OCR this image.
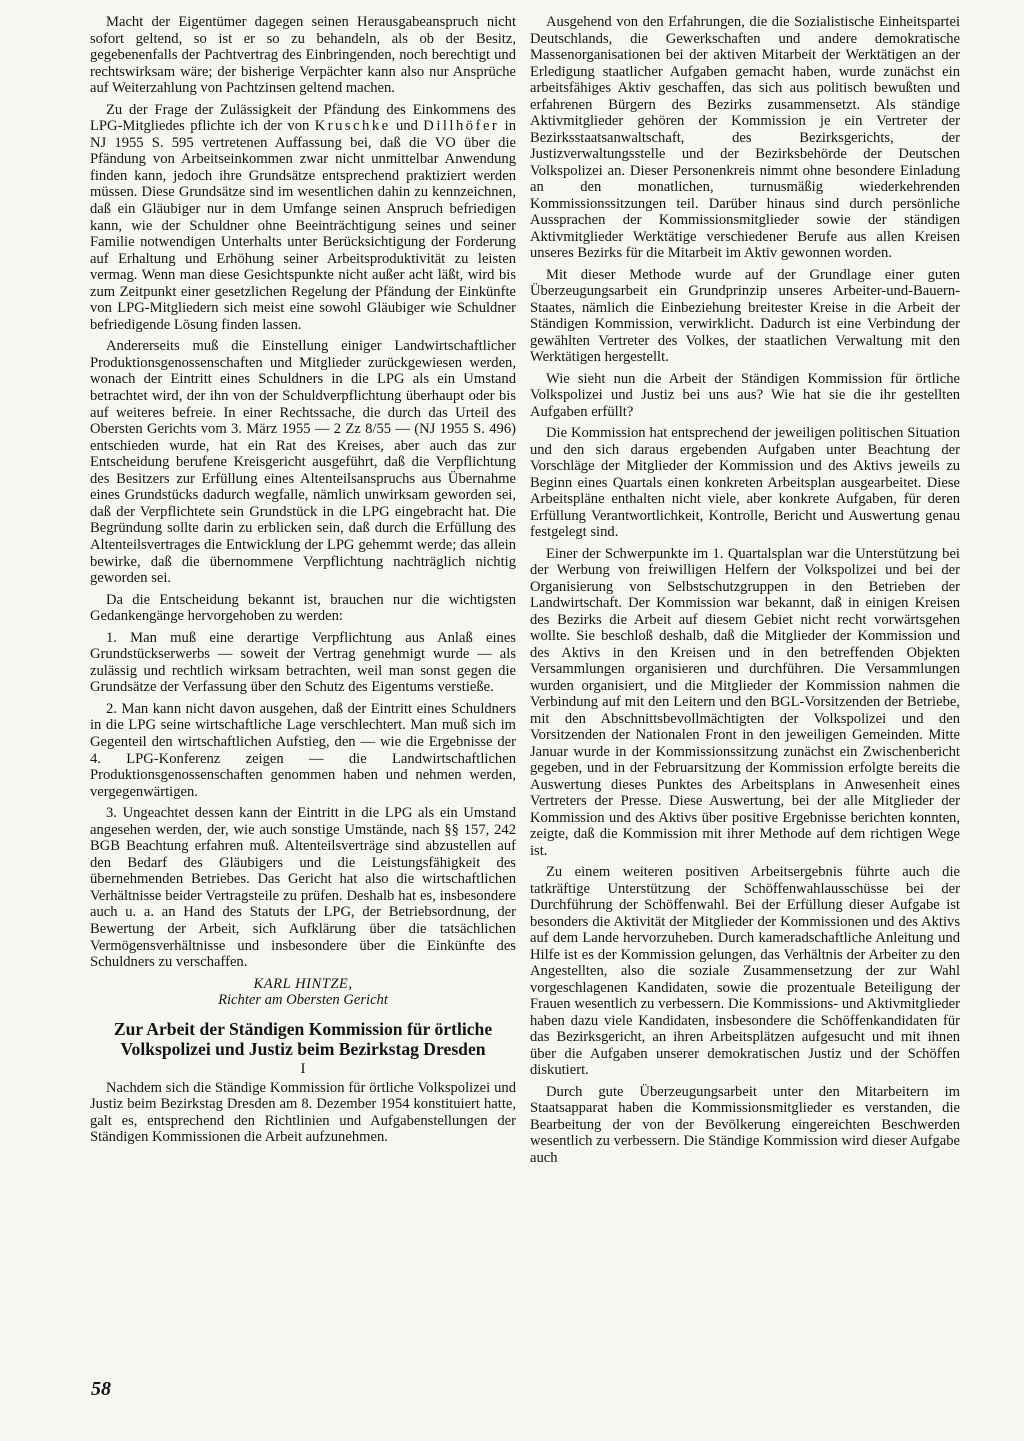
Macht der Eigentümer dagegen seinen Herausgabeanspruch nicht sofort geltend, so ist er so zu behandeln, als ob der Besitz, gegebenenfalls der Pachtvertrag des Einbringenden, noch berechtigt und rechtswirksam wäre; der bisherige Verpächter kann also nur Ansprüche auf Weiterzahlung von Pachtzinsen geltend machen.

Zu der Frage der Zulässigkeit der Pfändung des Einkommens des LPG-Mitgliedes pflichte ich der von Kruschke und Dillhöfer in NJ 1955 S. 595 vertretenen Auffassung bei, daß die VO über die Pfändung von Arbeitseinkommen zwar nicht unmittelbar Anwendung finden kann, jedoch ihre Grundsätze entsprechend praktiziert werden müssen. Diese Grundsätze sind im wesentlichen dahin zu kennzeichnen, daß ein Gläubiger nur in dem Umfange seinen Anspruch befriedigen kann, wie der Schuldner ohne Beeinträchtigung seines und seiner Familie notwendigen Unterhalts unter Berücksichtigung der Forderung auf Erhaltung und Erhöhung seiner Arbeitsproduktivität zu leisten vermag. Wenn man diese Gesichtspunkte nicht außer acht läßt, wird bis zum Zeitpunkt einer gesetzlichen Regelung der Pfändung der Einkünfte von LPG-Mitgliedern sich meist eine sowohl Gläubiger wie Schuldner befriedigende Lösung finden lassen.

Andererseits muß die Einstellung einiger Landwirtschaftlicher Produktionsgenossenschaften und Mitglieder zurückgewiesen werden, wonach der Eintritt eines Schuldners in die LPG als ein Umstand betrachtet wird, der ihn von der Schuldverpflichtung überhaupt oder bis auf weiteres befreie. In einer Rechtssache, die durch das Urteil des Obersten Gerichts vom 3. März 1955 — 2 Zz 8/55 — (NJ 1955 S. 496) entschieden wurde, hat ein Rat des Kreises, aber auch das zur Entscheidung berufene Kreisgericht ausgeführt, daß die Verpflichtung des Besitzers zur Erfüllung eines Altenteilsanspruchs aus Übernahme eines Grundstücks dadurch wegfalle, nämlich unwirksam geworden sei, daß der Verpflichtete sein Grundstück in die LPG eingebracht hat. Die Begründung sollte darin zu erblicken sein, daß durch die Erfüllung des Altenteilsvertrages die Entwicklung der LPG gehemmt werde; das allein bewirke, daß die übernommene Verpflichtung nachträglich nichtig geworden sei.

Da die Entscheidung bekannt ist, brauchen nur die wichtigsten Gedankengänge hervorgehoben zu werden:

1. Man muß eine derartige Verpflichtung aus Anlaß eines Grundstückserwerbs — soweit der Vertrag genehmigt wurde — als zulässig und rechtlich wirksam betrachten, weil man sonst gegen die Grundsätze der Verfassung über den Schutz des Eigentums verstieße.

2. Man kann nicht davon ausgehen, daß der Eintritt eines Schuldners in die LPG seine wirtschaftliche Lage verschlechtert. Man muß sich im Gegenteil den wirtschaftlichen Aufstieg, den — wie die Ergebnisse der 4. LPG-Konferenz zeigen — die Landwirtschaftlichen Produktionsgenossenschaften genommen haben und nehmen werden, vergegenwärtigen.

3. Ungeachtet dessen kann der Eintritt in die LPG als ein Umstand angesehen werden, der, wie auch sonstige Umstände, nach §§ 157, 242 BGB Beachtung erfahren muß. Altenteilsverträge sind abzustellen auf den Bedarf des Gläubigers und die Leistungsfähigkeit des übernehmenden Betriebes. Das Gericht hat also die wirtschaftlichen Verhältnisse beider Vertragsteile zu prüfen. Deshalb hat es, insbesondere auch u. a. an Hand des Statuts der LPG, der Betriebsordnung, der Bewertung der Arbeit, sich Aufklärung über die tatsächlichen Vermögensverhältnisse und insbesondere über die Einkünfte des Schuldners zu verschaffen.

KARL HINTZE,
Richter am Obersten Gericht
Zur Arbeit der Ständigen Kommission für örtliche Volkspolizei und Justiz beim Bezirkstag Dresden
I

Nachdem sich die Ständige Kommission für örtliche Volkspolizei und Justiz beim Bezirkstag Dresden am 8. Dezember 1954 konstituiert hatte, galt es, entsprechend den Richtlinien und Aufgabenstellungen der Ständigen Kommissionen die Arbeit aufzunehmen.

Ausgehend von den Erfahrungen, die die Sozialistische Einheitspartei Deutschlands, die Gewerkschaften und andere demokratische Massenorganisationen bei der aktiven Mitarbeit der Werktätigen an der Erledigung staatlicher Aufgaben gemacht haben, wurde zunächst ein arbeitsfähiges Aktiv geschaffen, das sich aus politisch bewußten und erfahrenen Bürgern des Bezirks zusammensetzt. Als ständige Aktivmitglieder gehören der Kommission je ein Vertreter der Bezirksstaatsanwaltschaft, des Bezirksgerichts, der Justizverwaltungsstelle und der Bezirksbehörde der Deutschen Volkspolizei an. Dieser Personenkreis nimmt ohne besondere Einladung an den monatlichen, turnusmäßig wiederkehrenden Kommissionssitzungen teil. Darüber hinaus sind durch persönliche Aussprachen der Kommissionsmitglieder sowie der ständigen Aktivmitglieder Werktätige verschiedener Berufe aus allen Kreisen unseres Bezirks für die Mitarbeit im Aktiv gewonnen worden.

Mit dieser Methode wurde auf der Grundlage einer guten Überzeugungsarbeit ein Grundprinzip unseres Arbeiter-und-Bauern-Staates, nämlich die Einbeziehung breitester Kreise in die Arbeit der Ständigen Kommission, verwirklicht. Dadurch ist eine Verbindung der gewählten Vertreter des Volkes, der staatlichen Verwaltung mit den Werktätigen hergestellt.

Wie sieht nun die Arbeit der Ständigen Kommission für örtliche Volkspolizei und Justiz bei uns aus? Wie hat sie die ihr gestellten Aufgaben erfüllt?

Die Kommission hat entsprechend der jeweiligen politischen Situation und den sich daraus ergebenden Aufgaben unter Beachtung der Vorschläge der Mitglieder der Kommission und des Aktivs jeweils zu Beginn eines Quartals einen konkreten Arbeitsplan ausgearbeitet. Diese Arbeitspläne enthalten nicht viele, aber konkrete Aufgaben, für deren Erfüllung Verantwortlichkeit, Kontrolle, Bericht und Auswertung genau festgelegt sind.

Einer der Schwerpunkte im 1. Quartalsplan war die Unterstützung bei der Werbung von freiwilligen Helfern der Volkspolizei und bei der Organisierung von Selbstschutzgruppen in den Betrieben der Landwirtschaft. Der Kommission war bekannt, daß in einigen Kreisen des Bezirks die Arbeit auf diesem Gebiet nicht recht vorwärtsgehen wollte. Sie beschloß deshalb, daß die Mitglieder der Kommission und des Aktivs in den Kreisen und in den betreffenden Objekten Versammlungen organisieren und durchführen. Die Versammlungen wurden organisiert, und die Mitglieder der Kommission nahmen die Verbindung auf mit den Leitern und den BGL-Vorsitzenden der Betriebe, mit den Abschnittsbevollmächtigten der Volkspolizei und den Vorsitzenden der Nationalen Front in den jeweiligen Gemeinden. Mitte Januar wurde in der Kommissionssitzung zunächst ein Zwischenbericht gegeben, und in der Februarsitzung der Kommission erfolgte bereits die Auswertung dieses Punktes des Arbeitsplans in Anwesenheit eines Vertreters der Presse. Diese Auswertung, bei der alle Mitglieder der Kommission und des Aktivs über positive Ergebnisse berichten konnten, zeigte, daß die Kommission mit ihrer Methode auf dem richtigen Wege ist.

Zu einem weiteren positiven Arbeitsergebnis führte auch die tatkräftige Unterstützung der Schöffenwahlausschüsse bei der Durchführung der Schöffenwahl. Bei der Erfüllung dieser Aufgabe ist besonders die Aktivität der Mitglieder der Kommissionen und des Aktivs auf dem Lande hervorzuheben. Durch kameradschaftliche Anleitung und Hilfe ist es der Kommission gelungen, das Verhältnis der Arbeiter zu den Angestellten, also die soziale Zusammensetzung der zur Wahl vorgeschlagenen Kandidaten, sowie die prozentuale Beteiligung der Frauen wesentlich zu verbessern. Die Kommissions- und Aktivmitglieder haben dazu viele Kandidaten, insbesondere die Schöffenkandidaten für das Bezirksgericht, an ihren Arbeitsplätzen aufgesucht und mit ihnen über die Aufgaben unserer demokratischen Justiz und der Schöffen diskutiert.

Durch gute Überzeugungsarbeit unter den Mitarbeitern im Staatsapparat haben die Kommissionsmitglieder es verstanden, die Bearbeitung der von der Bevölkerung eingereichten Beschwerden wesentlich zu verbessern. Die Ständige Kommission wird dieser Aufgabe auch

58
